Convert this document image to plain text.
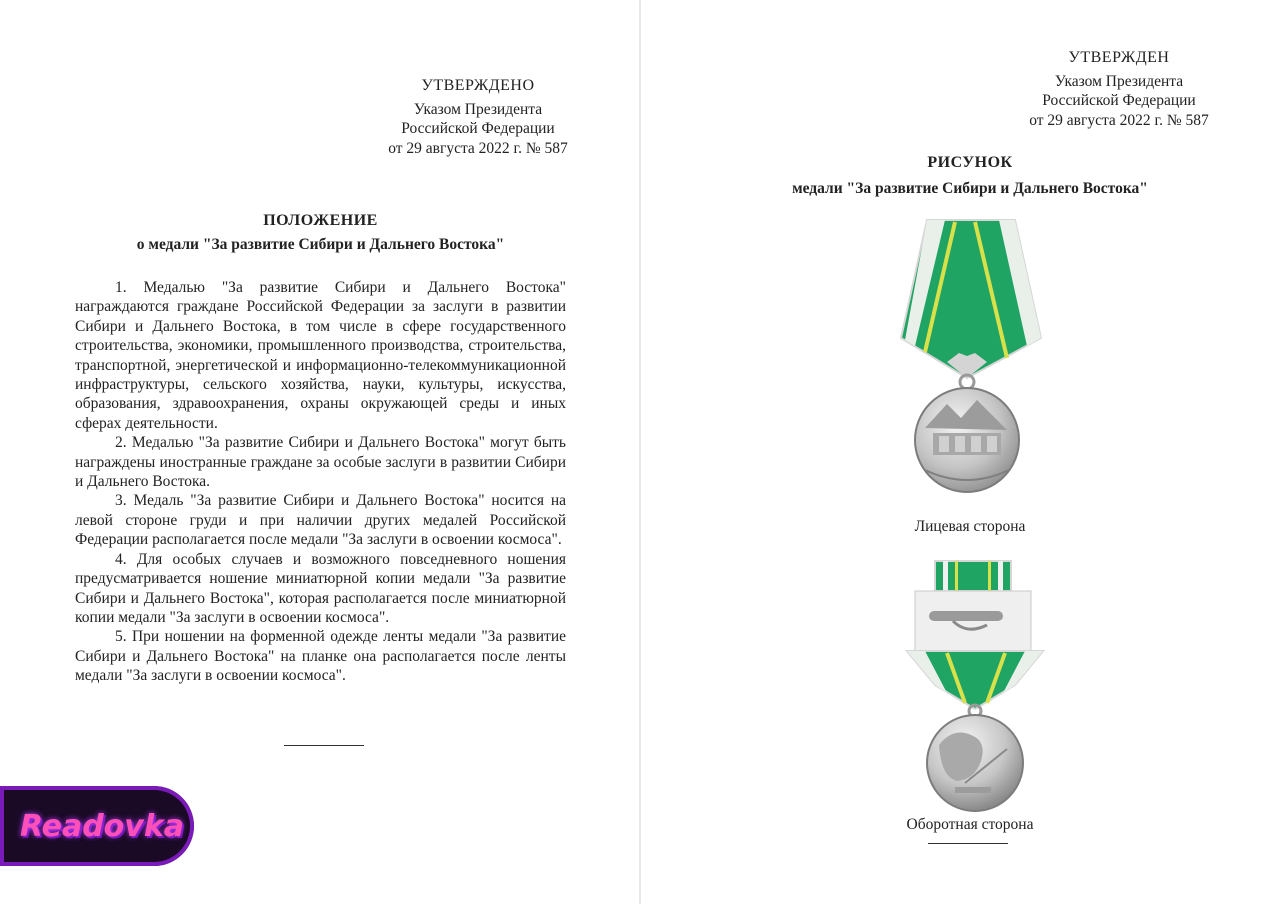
УТВЕРЖДЕНО
Указом Президента
Российской Федерации
от 29 августа 2022 г. № 587
ПОЛОЖЕНИЕ
о медали "За развитие Сибири и Дальнего Востока"

1. Медалью "За развитие Сибири и Дальнего Востока" награждаются граждане Российской Федерации за заслуги в развитии Сибири и Дальнего Востока, в том числе в сфере государственного строительства, экономики, промышленного производства, строительства, транспортной, энергетической и информационно-телекоммуникационной инфраструктуры, сельского хозяйства, науки, культуры, искусства, образования, здравоохранения, охраны окружающей среды и иных сферах деятельности.

2. Медалью "За развитие Сибири и Дальнего Востока" могут быть награждены иностранные граждане за особые заслуги в развитии Сибири и Дальнего Востока.

3. Медаль "За развитие Сибири и Дальнего Востока" носится на левой стороне груди и при наличии других медалей Российской Федерации располагается после медали "За заслуги в освоении космоса".

4. Для особых случаев и возможного повседневного ношения предусматривается ношение миниатюрной копии медали "За развитие Сибири и Дальнего Востока", которая располагается после миниатюрной копии медали "За заслуги в освоении космоса".

5. При ношении на форменной одежде ленты медали "За развитие Сибири и Дальнего Востока" на планке она располагается после ленты медали "За заслуги в освоении космоса".

УТВЕРЖДЕН
Указом Президента
Российской Федерации
от 29 августа 2022 г. № 587
РИСУНОК
медали "За развитие Сибири и Дальнего Востока"
Лицевая сторона
Оборотная сторона
Readovka
